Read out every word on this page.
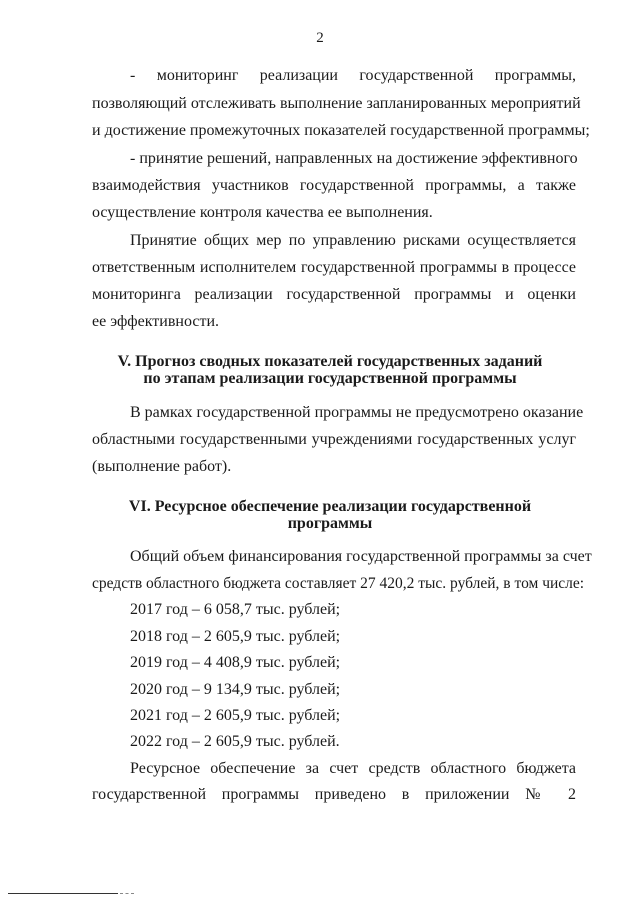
2
- мониторинг реализации государственной программы,
позволяющий отслеживать выполнение запланированных мероприятий
и достижение промежуточных показателей государственной программы;
- принятие решений, направленных на достижение эффективного
взаимодействия участников государственной программы, а также
осуществление контроля качества ее выполнения.
Принятие общих мер по управлению рисками осуществляется
ответственным исполнителем государственной программы в процессе
мониторинга реализации государственной программы и оценки
ее эффективности.
V. Прогноз сводных показателей государственных заданий
по этапам реализации государственной программы
В рамках государственной программы не предусмотрено оказание
областными государственными учреждениями государственных услуг
(выполнение работ).
VI. Ресурсное обеспечение реализации государственной
программы
Общий объем финансирования государственной программы за счет
средств областного бюджета составляет 27 420,2 тыс. рублей, в том числе:
2017 год – 6 058,7 тыс. рублей;
2018 год – 2 605,9 тыс. рублей;
2019 год – 4 408,9 тыс. рублей;
2020 год – 9 134,9 тыс. рублей;
2021 год – 2 605,9 тыс. рублей;
2022 год – 2 605,9 тыс. рублей.
Ресурсное обеспечение за счет средств областного бюджета
государственной программы приведено в приложении № 2
